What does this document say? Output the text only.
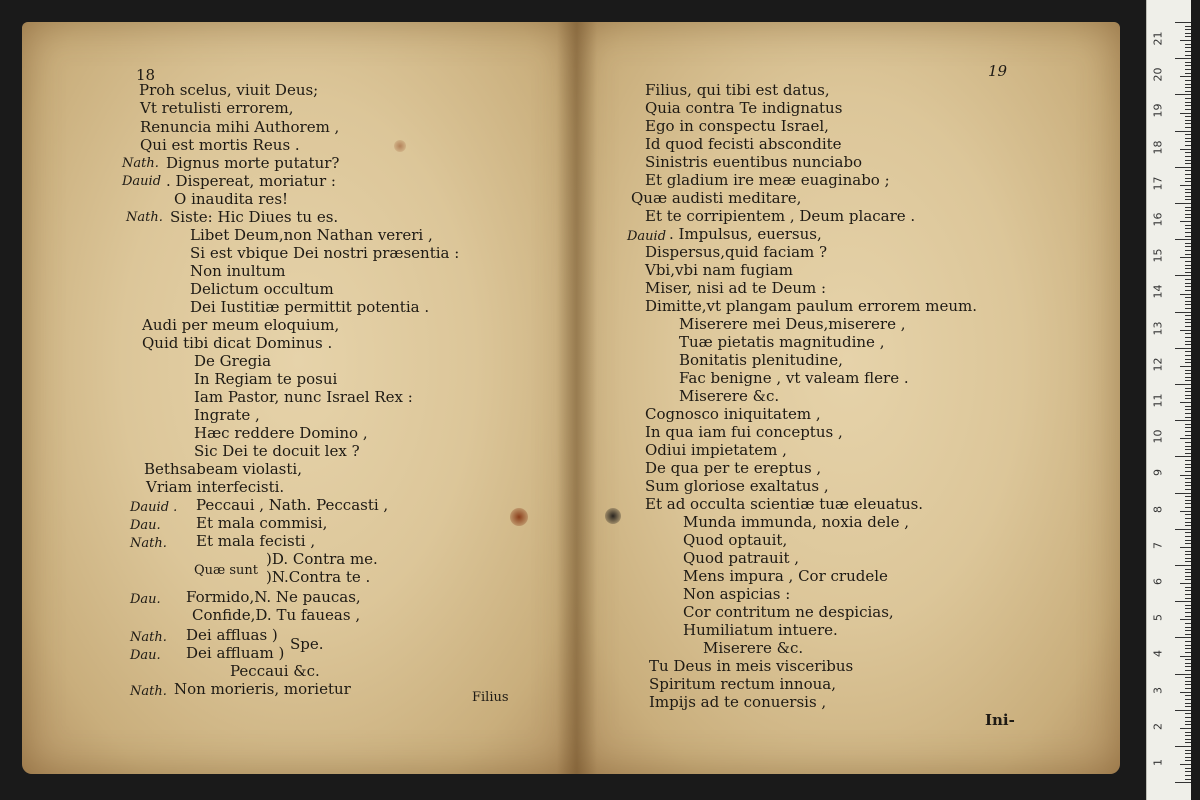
18
Proh scelus, viuit Deus;
Vt retulisti errorem,
Renuncia mihi Authorem ,
Qui est mortis Reus .
Nath. Dignus morte putatur?
Dauid . Dispereat, moriatur :
O inaudita res!
Nath. Siste: Hic Diues tu es.
Libet Deum,non Nathan vereri ,
Si est vbique Dei nostri præsentia :
Non inultum
Delictum occultum
Dei Iustitiæ permittit potentia .
Audi per meum eloquium,
Quid tibi dicat Dominus .
De Gregia
In Regiam te posui
Iam Pastor, nunc Israel Rex :
Ingrate ,
Hæc reddere Domino ,
Sic Dei te docuit lex ?
Bethsabeam violasti,
Vriam interfecisti.
Dauid . Peccaui , Nath. Peccasti ,
Dau. Et mala commisi,
Nath. Et mala fecisti ,
Quæ sunt
)D. Contra me.
)N.Contra te .
Dau. Formido,N. Ne paucas,
Confide,D. Tu faueas ,
Nath. Dei affluas )
Dau. Dei affluam ) Spe.
Peccaui &c.
Nath. Non morieris, morietur	Filius
19
Filius, qui tibi est datus,
Quia contra Te indignatus
Ego in conspectu Israel,
Id quod fecisti abscondite
Sinistris euentibus nunciabo
Et gladium ire meæ euaginabo ;
Quæ audisti meditare,
Et te corripientem , Deum placare .
Dauid . Impulsus, euersus,
Dispersus,quid faciam ?
Vbi,vbi nam fugiam
Miser, nisi ad te Deum :
Dimitte,vt plangam paulum errorem meum.
Miserere mei Deus,miserere ,
Tuæ pietatis magnitudine ,
Bonitatis plenitudine,
Fac benigne , vt valeam flere .
Miserere &c.
Cognosco iniquitatem ,
In qua iam fui conceptus ,
Odiui impietatem ,
De qua per te ereptus ,
Sum gloriose exaltatus ,
Et ad occulta scientiæ tuæ eleuatus.
Munda immunda, noxia dele ,
Quod optauit,
Quod patrauit ,
Mens impura , Cor crudele
Non aspicias :
Cor contritum ne despicias,
Humiliatum intuere.
Miserere &c.
Tu Deus in meis visceribus
Spiritum rectum innoua,
Impijs ad te conuersis ,
Ini-
21
20
19
18
17
16
15
14
13
12
11
10
9
8
7
6
5
4
3
2
1
